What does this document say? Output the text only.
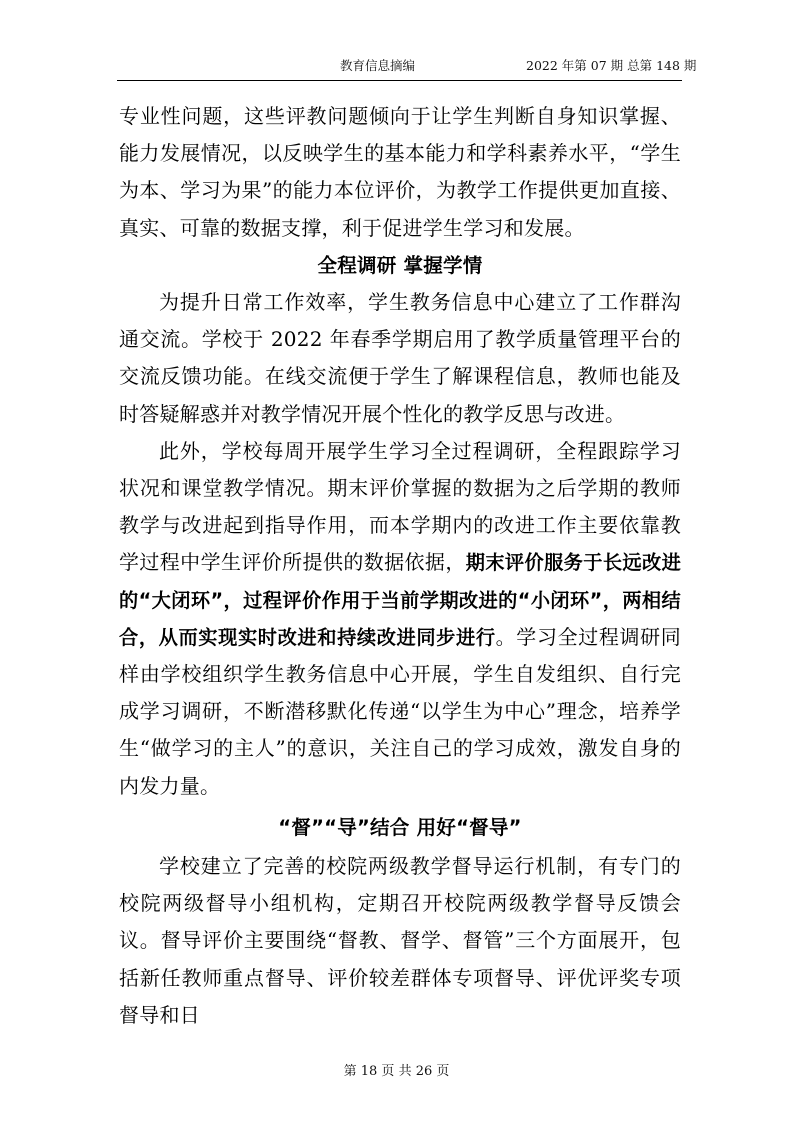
教育信息摘编	2022 年第 07 期 总第 148 期

专业性问题，这些评教问题倾向于让学生判断自身知识掌握、能力发展情况，以反映学生的基本能力和学科素养水平，“学生为本、学习为果”的能力本位评价，为教学工作提供更加直接、真实、可靠的数据支撑，利于促进学生学习和发展。

全程调研 掌握学情

为提升日常工作效率，学生教务信息中心建立了工作群沟通交流。学校于 2022 年春季学期启用了教学质量管理平台的交流反馈功能。在线交流便于学生了解课程信息，教师也能及时答疑解惑并对教学情况开展个性化的教学反思与改进。

此外，学校每周开展学生学习全过程调研，全程跟踪学习状况和课堂教学情况。期末评价掌握的数据为之后学期的教师教学与改进起到指导作用，而本学期内的改进工作主要依靠教学过程中学生评价所提供的数据依据，期末评价服务于长远改进的“大闭环”，过程评价作用于当前学期改进的“小闭环”，两相结合，从而实现实时改进和持续改进同步进行。学习全过程调研同样由学校组织学生教务信息中心开展，学生自发组织、自行完成学习调研，不断潜移默化传递“以学生为中心”理念，培养学生“做学习的主人”的意识，关注自己的学习成效，激发自身的内发力量。

“督”“导”结合 用好“督导”

学校建立了完善的校院两级教学督导运行机制，有专门的校院两级督导小组机构，定期召开校院两级教学督导反馈会议。督导评价主要围绕“督教、督学、督管”三个方面展开，包括新任教师重点督导、评价较差群体专项督导、评优评奖专项督导和日

第 18 页 共 26 页
